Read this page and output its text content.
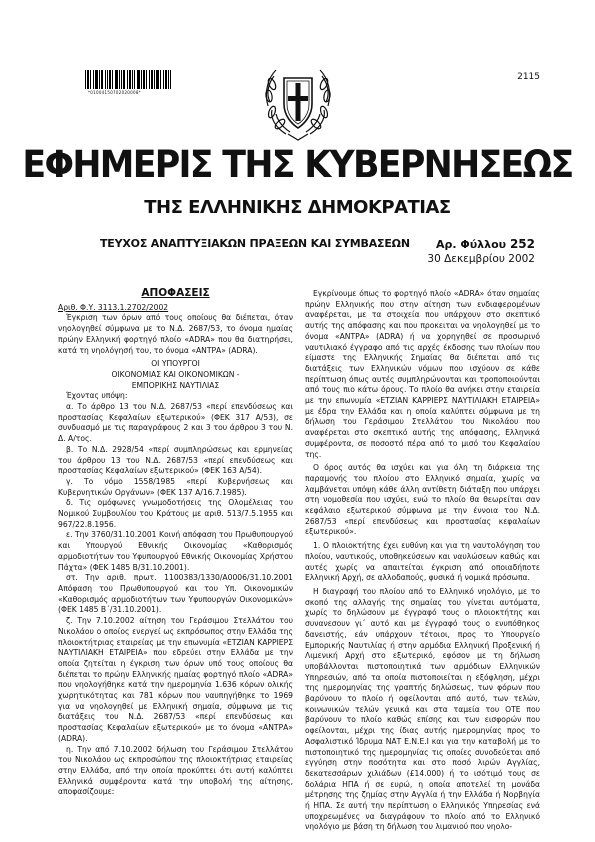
*01004150702020008*
2115
ΕΦΗΜΕΡΙΣ ΤΗΣ ΚΥΒΕΡΝΗΣΕΩΣ
ΤΗΣ ΕΛΛΗΝΙΚΗΣ ΔΗΜΟΚΡΑΤΙΑΣ
ΤΕΥΧΟΣ ΑΝΑΠΤΥΞΙΑΚΩΝ ΠΡΑΞΕΩΝ ΚΑΙ ΣΥΜΒΑΣΕΩΝ Αρ. Φύλλου 252
30 Δεκεμβρίου 2002

ΑΠΟΦΑΣΕΙΣ

Αριθ. Φ.Υ. 3113.1.2702/2002

Έγκριση των όρων από τους οποίους θα διέπεται, όταν νηολογηθεί σύμφωνα με το Ν.Δ. 2687/53, το όνομα ημαίας πρώην Ελληνική φορτηγό πλοίο «ADRA» που θα διατηρήσει, κατά τη νηολόγησή του, το όνομα «ΑΝΤΡΑ» (ADRA).

ΟΙ ΥΠΟΥΡΓΟΙ

ΟΙΚΟΝΟΜΙΑΣ ΚΑΙ ΟΙΚΟΝΟΜΙΚΩΝ -

ΕΜΠΟΡΙΚΗΣ ΝΑΥΤΙΛΙΑΣ

Έχοντας υπόψη:

α. Το άρθρο 13 του Ν.Δ. 2687/53 «περί επενδύσεως και προστασίας Κεφαλαίων εξωτερικού» (ΦΕΚ 317 Α/53), σε συνδυασμό με τις παραγράφους 2 και 3 του άρθρου 3 του Ν. Δ. Α/τος.

β. Το Ν.Δ. 2928/54 «περί συμπληρώσεως και ερμηνείας του άρθρου 13 του Ν.Δ. 2687/53 «περί επενδύσεως και προστασίας Κεφαλαίων εξωτερικού» (ΦΕΚ 163 Α/54).

γ. Το νόμο 1558/1985 «περί Κυβερνήσεως και Κυβερνητικών Οργάνων» (ΦΕΚ 137 Α/16.7.1985).

δ. Τις ομόφωνες γνωμοδοτήσεις της Ολομέλειας του Νομικού Συμβουλίου του Κράτους με αριθ. 513/7.5.1955 και 967/22.8.1956.

ε. Την 3760/31.10.2001 Κοινή απόφαση του Πρωθυπουργού και Υπουργού Εθνικής Οικονομίας «Καθορισμός αρμοδιοτήτων του Υφυπουργού Εθνικής Οικονομίας Χρήστου Πάχτα» (ΦΕΚ 1485 Β/31.10.2001).

στ. Την αριθ. πρωτ. 1100383/1330/Α0006/31.10.2001 Απόφαση του Πρωθυπουργού και του Υπ. Οικονομικών «Καθορισμός αρμοδιοτήτων των Υφυπουργών Οικονομικών» (ΦΕΚ 1485 Β΄/31.10.2001).

ζ. Την 7.10.2002 αίτηση του Γεράσιμου Στελλάτου του Νικολάου ο οποίος ενεργεί ως εκπρόσωπος στην Ελλάδα της πλοιοκτήτριας εταιρείας με την επωνυμία «ΕΤΖΙΑΝ ΚΑΡΡΙΕΡΣ ΝΑΥΤΙΛΙΑΚΗ ΕΤΑΙΡΕΙΑ» που εδρεύει στην Ελλάδα με την οποία ζητείται η έγκριση των όρων υπό τους οποίους θα διέπεται το πρώην Ελληνικής ημαίας φορτηγό πλοίο «ADRA» που νηολογήθηκε κατά την ημερομηνία 1.636 κόρων ολικής χωρητικότητας και 781 κόρων που ναυπηγήθηκε το 1969 για να νηολογηθεί με Ελληνική σημαία, σύμφωνα με τις διατάξεις του Ν.Δ. 2687/53 «περί επενδύσεως και προστασίας Κεφαλαίων εξωτερικού» με το όνομα «ΑΝΤΡΑ» (ADRA).

η. Την από 7.10.2002 δήλωση του Γεράσιμου Στελλάτου του Νικολάου ως εκπροσώπου της πλοιοκτήτριας εταιρείας στην Ελλάδα, από την οποία προκύπτει ότι αυτή καλύπτει Ελληνικά συμφέροντα κατά την υποβολή της αίτησης, αποφασίζουμε:

Εγκρίνουμε όπως το φορτηγό πλοίο «ADRA» όταν σημαίας πρώην Ελληνικής που στην αίτηση των ενδιαφερομένων αναφέρεται, με τα στοιχεία που υπάρχουν στο σκεπτικό αυτής της απόφασης και που προκειται να νηολογηθεί με το όνομα «ΑΝΤΡΑ» (ADRA) ή να χορηγηθεί σε προσωρινό ναυτιλιακό έγγραφο από τις αρχές έκδοσης των πλοίων που είμαστε της Ελληνικής Σημαίας θα διέπεται από τις διατάξεις των Ελληνικών νόμων που ισχύουν σε κάθε περίπτωση όπως αυτές συμπληρώνονται και τροποποιούνται από τους πιο κάτω όρους. Το πλοίο θα ανήκει στην εταιρεία με την επωνυμία «ΕΤΖΙΑΝ ΚΑΡΡΙΕΡΣ ΝΑΥΤΙΛΙΑΚΗ ΕΤΑΙΡΕΙΑ» με έδρα την Ελλάδα και η οποία καλύπτει σύμφωνα με τη δήλωση του Γεράσιμου Στελλάτου του Νικολάου που αναφέρεται στο σκεπτικό αυτής της απόφασης, Ελληνικά συμφέροντα, σε ποσοστό πέρα από το μισό του Κεφαλαίου της.

Ο όρος αυτός θα ισχύει και για όλη τη διάρκεια της παραμονής του πλοίου στο Ελληνικό σημαία, χωρίς να λαμβάνεται υπόψη κάθε άλλη αντίθετη διάταξη που υπάρχει στη νομοθεσία που ισχύει, ενώ το πλοίο θα θεωρείται σαν κεφάλαιο εξωτερικού σύμφωνα με την έννοια του Ν.Δ. 2687/53 «περί επενδύσεως και προστασίας κεφαλαίων εξωτερικού».

1. Ο πλοιοκτήτης έχει ευθύνη και για τη ναυτολόγηση του πλοίου, ναυτικούς, υποθηκεύσεων και ναυλώσεων καθώς και αυτές χωρίς να απαιτείται έγκριση από οποιαδήποτε Ελληνική Αρχή, σε αλλοδαπούς, φυσικά ή νομικά πρόσωπα.

Η διαγραφή του πλοίου από το Ελληνικό νηολόγιο, με το σκοπό της αλλαγής της σημαίας του γίνεται αυτόματα, χωρίς το δηλώσουν με έγγραφό τους ο πλοιοκτήτης και συνανεσουν γι΄ αυτό και με έγγραφό τους ο ενυπόθηκος δανειστής, εάν υπάρχουν τέτοιοι, προς το Υπουργείο Εμπορικής Ναυτιλίας ή στην αρμόδια Ελληνική Προξενική ή Λιμενική Αρχή στο εξωτερικό, εφόσον με τη δήλωση υποβάλλονται πιστοποιητικά των αρμόδιων Ελληνικών Υπηρεσιών, από τα οποία πιστοποιείται η εξόφληση, μέχρι της ημερομηνίας της γραπτής δηλώσεως, των φόρων που βαρύνουν το πλοίο ή οφείλονται από αυτό, των τελών, κοινωνικών τελών γενικά και στα ταμεία του ΟΤΕ που βαρύνουν το πλοίο καθώς επίσης και των εισφορών που οφείλονται, μέχρι της ίδιας αυτής ημερομηνίας προς το Ασφαλιστικό Ίδρυμα ΝΑΤ Ε.Ν.Ε.Ι και για την καταβολή με το πιστοποιητικό της ημερομηνίας τις οποίες συνοδεύεται από εγγύηση στην ποσότητα και στο ποσό λιρών Αγγλίας, δεκατεσσάρων χιλιάδων (£14.000) ή το ισότιμό τους σε δολάρια ΗΠΑ ή σε ευρώ, η οποία αποτελεί τη μονάδα μέτρησης της ζημίας στην Αγγλία ή την Ελλάδα ή Νορβηγία ή ΗΠΑ. Σε αυτή την περίπτωση ο Ελληνικός Υπηρεσίας ενά υποχρεωμένες να διαγράφουν το πλοίο από το Ελληνικό νηολόγιο με βάση τη δήλωση του λιμανιού που νηολο-
